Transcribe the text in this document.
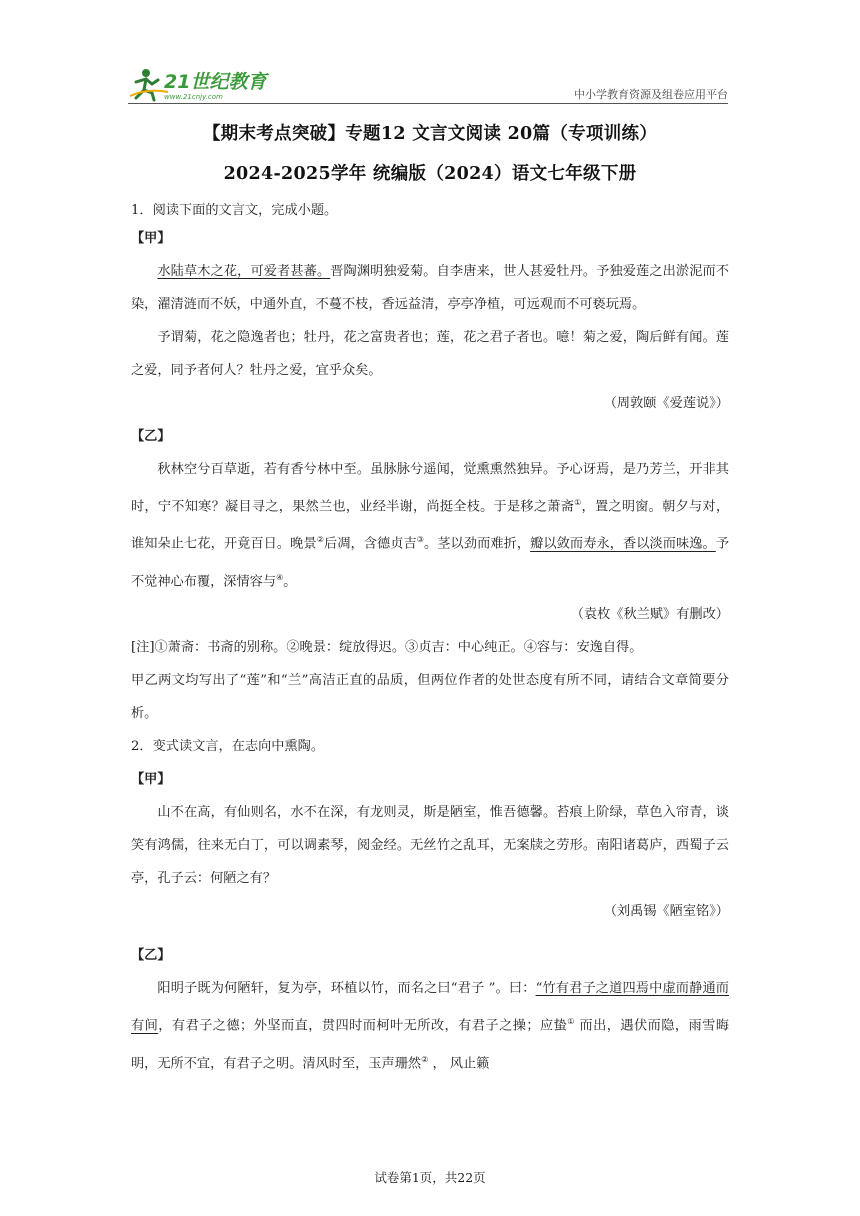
21世纪教育
www.21cnjy.com	中小学教育资源及组卷应用平台
【期末考点突破】专题12 文言文阅读 20篇（专项训练）
2024-2025学年 统编版（2024）语文七年级下册
1．阅读下面的文言文，完成小题。
【甲】

水陆草木之花，可爱者甚蕃。晋陶渊明独爱菊。自李唐来，世人甚爱牡丹。予独爱莲之出淤泥而不染，濯清涟而不妖，中通外直，不蔓不枝，香远益清，亭亭净植，可远观而不可亵玩焉。

予谓菊，花之隐逸者也；牡丹，花之富贵者也；莲，花之君子者也。噫！菊之爱，陶后鲜有闻。莲之爱，同予者何人？牡丹之爱，宜乎众矣。

（周敦颐《爱莲说》）
【乙】

秋林空兮百草逝，若有香兮林中至。虽脉脉兮遥闻，觉熏熏然独异。予心讶焉，是乃芳兰，开非其时，宁不知寒？凝目寻之，果然兰也，业经半谢，尚挺全枝。于是移之萧斋①，置之明窗。朝夕与对，谁知朵止七花，开竟百日。晚景②后凋，含德贞吉③。茎以劲而难折，瓣以敛而寿永，香以淡而味逸。予不觉神心布覆，深情容与④。

（袁枚《秋兰赋》有删改）

[注]①萧斋：书斋的别称。②晚景：绽放得迟。③贞吉：中心纯正。④容与：安逸自得。

甲乙两文均写出了“莲”和“兰”高洁正直的品质，但两位作者的处世态度有所不同，请结合文章简要分析。

2．变式读文言，在志向中熏陶。
【甲】

山不在高，有仙则名，水不在深，有龙则灵，斯是陋室，惟吾德馨。苔痕上阶绿，草色入帘青，谈笑有鸿儒，往来无白丁，可以调素琴，阅金经。无丝竹之乱耳，无案牍之劳形。南阳诸葛庐，西蜀子云亭，孔子云：何陋之有？

（刘禹锡《陋室铭》）
【乙】

阳明子既为何陋轩，复为亭，环植以竹，而名之曰“君子 ”。曰：“竹有君子之道四焉中虚而静通而有间，有君子之德；外坚而直，贯四时而柯叶无所改，有君子之操；应蛰① 而出，遇伏而隐，雨雪晦明，无所不宜，有君子之明。清风时至，玉声珊然② ， 风止籁

试卷第1页，共22页
